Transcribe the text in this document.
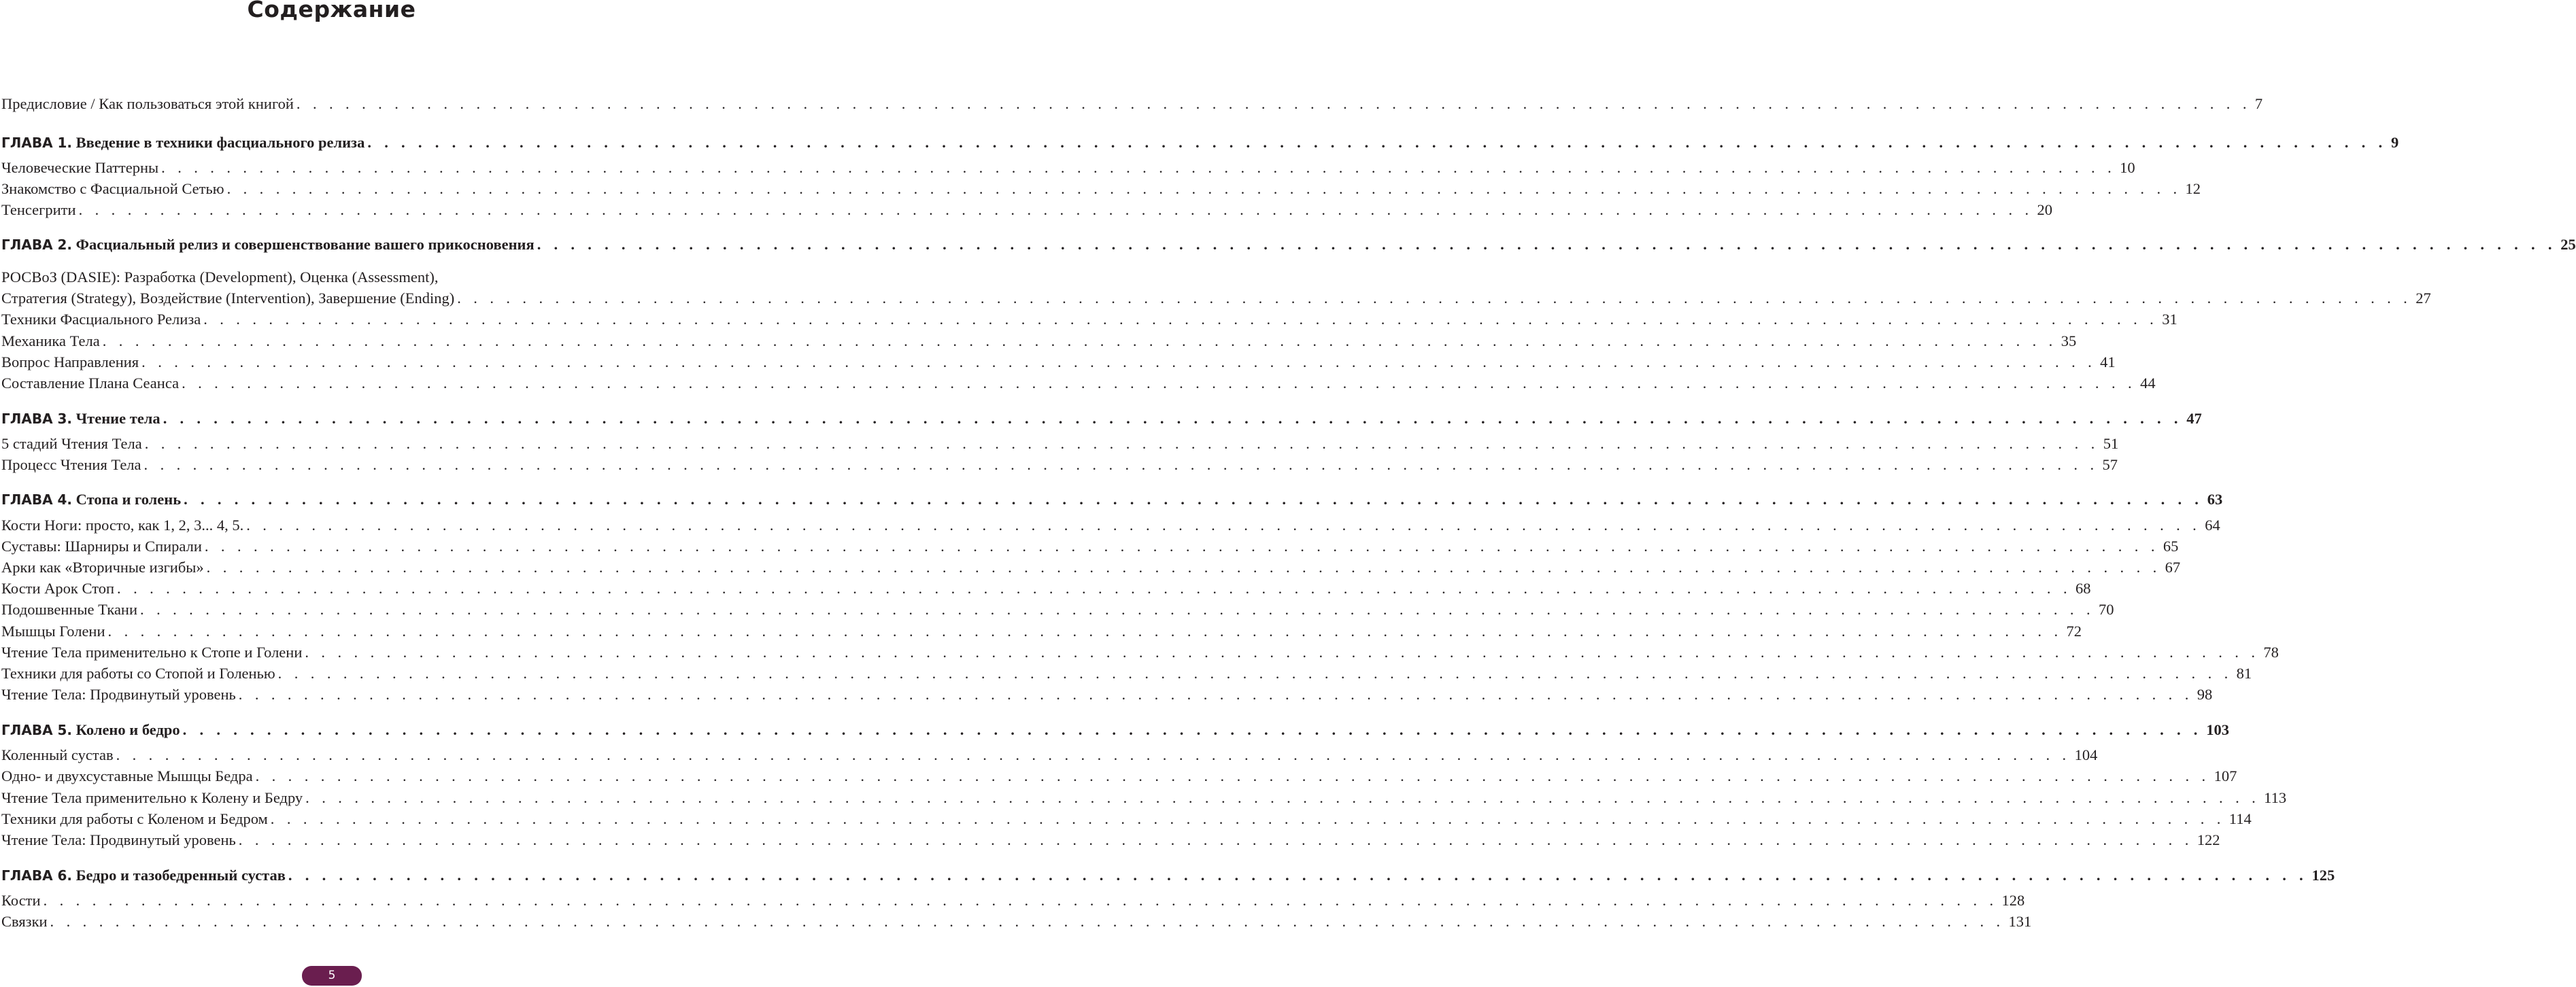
Содержание
Предисловие / Как пользоваться этой книгой . . . . . . . . . . . . . . . . . . . . . . . . . . . . . . . . . . . . . . . . . . . . . . . . . . . . . . . . . . . . . . . . . . . . . . . . . . . . . . . . . . . . . . . . . . . . . . . . . . . . . . . . . . . . . . . . . . . . . . . . 7
ГЛАВА 1. Введение в техники фасциального релиза . . . . . . . . . . . . . . . . . . . . . . . . . . . . . . . . . . . . . . . . . . . . . . . . . . . . . . . . . . . . . . . . . . . . . . . . . . . . . . . . . . . . . . . . . . . . . . . . . . . . . . . . . . . . . . . . . . . . . . . . 9
Человеческие Паттерны . . . . . . . . . . . . . . . . . . . . . . . . . . . . . . . . . . . . . . . . . . . . . . . . . . . . . . . . . . . . . . . . . . . . . . . . . . . . . . . . . . . . . . . . . . . . . . . . . . . . . . . . . . . . . . . . . . . . . . . . 10
Знакомство с Фасциальной Сетью . . . . . . . . . . . . . . . . . . . . . . . . . . . . . . . . . . . . . . . . . . . . . . . . . . . . . . . . . . . . . . . . . . . . . . . . . . . . . . . . . . . . . . . . . . . . . . . . . . . . . . . . . . . . . . . . . . . . . . . . 12
Тенсегрити . . . . . . . . . . . . . . . . . . . . . . . . . . . . . . . . . . . . . . . . . . . . . . . . . . . . . . . . . . . . . . . . . . . . . . . . . . . . . . . . . . . . . . . . . . . . . . . . . . . . . . . . . . . . . . . . . . . . . . . . 20
ГЛАВА 2. Фасциальный релиз и совершенствование вашего прикосновения . . . . . . . . . . . . . . . . . . . . . . . . . . . . . . . . . . . . . . . . . . . . . . . . . . . . . . . . . . . . . . . . . . . . . . . . . . . . . . . . . . . . . . . . . . . . . . . . . . . . . . . . . . . . . . . . . . . . . . . . 25
РОСВоЗ (DASIE): Разработка (Development), Оценка (Assessment),
Стратегия (Strategy), Воздействие (Intervention), Завершение (Ending) . . . . . . . . . . . . . . . . . . . . . . . . . . . . . . . . . . . . . . . . . . . . . . . . . . . . . . . . . . . . . . . . . . . . . . . . . . . . . . . . . . . . . . . . . . . . . . . . . . . . . . . . . . . . . . . . . . . . . . . . 27
Техники Фасциального Релиза . . . . . . . . . . . . . . . . . . . . . . . . . . . . . . . . . . . . . . . . . . . . . . . . . . . . . . . . . . . . . . . . . . . . . . . . . . . . . . . . . . . . . . . . . . . . . . . . . . . . . . . . . . . . . . . . . . . . . . . . 31
Механика Тела . . . . . . . . . . . . . . . . . . . . . . . . . . . . . . . . . . . . . . . . . . . . . . . . . . . . . . . . . . . . . . . . . . . . . . . . . . . . . . . . . . . . . . . . . . . . . . . . . . . . . . . . . . . . . . . . . . . . . . . . 35
Вопрос Направления . . . . . . . . . . . . . . . . . . . . . . . . . . . . . . . . . . . . . . . . . . . . . . . . . . . . . . . . . . . . . . . . . . . . . . . . . . . . . . . . . . . . . . . . . . . . . . . . . . . . . . . . . . . . . . . . . . . . . . . . 41
Составление Плана Сеанса . . . . . . . . . . . . . . . . . . . . . . . . . . . . . . . . . . . . . . . . . . . . . . . . . . . . . . . . . . . . . . . . . . . . . . . . . . . . . . . . . . . . . . . . . . . . . . . . . . . . . . . . . . . . . . . . . . . . . . . . 44
ГЛАВА 3. Чтение тела . . . . . . . . . . . . . . . . . . . . . . . . . . . . . . . . . . . . . . . . . . . . . . . . . . . . . . . . . . . . . . . . . . . . . . . . . . . . . . . . . . . . . . . . . . . . . . . . . . . . . . . . . . . . . . . . . . . . . . . . 47
5 стадий Чтения Тела . . . . . . . . . . . . . . . . . . . . . . . . . . . . . . . . . . . . . . . . . . . . . . . . . . . . . . . . . . . . . . . . . . . . . . . . . . . . . . . . . . . . . . . . . . . . . . . . . . . . . . . . . . . . . . . . . . . . . . . . 51
Процесс Чтения Тела . . . . . . . . . . . . . . . . . . . . . . . . . . . . . . . . . . . . . . . . . . . . . . . . . . . . . . . . . . . . . . . . . . . . . . . . . . . . . . . . . . . . . . . . . . . . . . . . . . . . . . . . . . . . . . . . . . . . . . . . 57
ГЛАВА 4. Стопа и голень . . . . . . . . . . . . . . . . . . . . . . . . . . . . . . . . . . . . . . . . . . . . . . . . . . . . . . . . . . . . . . . . . . . . . . . . . . . . . . . . . . . . . . . . . . . . . . . . . . . . . . . . . . . . . . . . . . . . . . . . 63
Кости Ноги: просто, как 1, 2, 3... 4, 5. . . . . . . . . . . . . . . . . . . . . . . . . . . . . . . . . . . . . . . . . . . . . . . . . . . . . . . . . . . . . . . . . . . . . . . . . . . . . . . . . . . . . . . . . . . . . . . . . . . . . . . . . . . . . . . . . . . . . . . . . 64
Суставы: Шарниры и Спирали . . . . . . . . . . . . . . . . . . . . . . . . . . . . . . . . . . . . . . . . . . . . . . . . . . . . . . . . . . . . . . . . . . . . . . . . . . . . . . . . . . . . . . . . . . . . . . . . . . . . . . . . . . . . . . . . . . . . . . . . 65
Арки как «Вторичные изгибы» . . . . . . . . . . . . . . . . . . . . . . . . . . . . . . . . . . . . . . . . . . . . . . . . . . . . . . . . . . . . . . . . . . . . . . . . . . . . . . . . . . . . . . . . . . . . . . . . . . . . . . . . . . . . . . . . . . . . . . . . 67
Кости Арок Стоп . . . . . . . . . . . . . . . . . . . . . . . . . . . . . . . . . . . . . . . . . . . . . . . . . . . . . . . . . . . . . . . . . . . . . . . . . . . . . . . . . . . . . . . . . . . . . . . . . . . . . . . . . . . . . . . . . . . . . . . . 68
Подошвенные Ткани . . . . . . . . . . . . . . . . . . . . . . . . . . . . . . . . . . . . . . . . . . . . . . . . . . . . . . . . . . . . . . . . . . . . . . . . . . . . . . . . . . . . . . . . . . . . . . . . . . . . . . . . . . . . . . . . . . . . . . . . 70
Мышцы Голени . . . . . . . . . . . . . . . . . . . . . . . . . . . . . . . . . . . . . . . . . . . . . . . . . . . . . . . . . . . . . . . . . . . . . . . . . . . . . . . . . . . . . . . . . . . . . . . . . . . . . . . . . . . . . . . . . . . . . . . . 72
Чтение Тела применительно к Стопе и Голени . . . . . . . . . . . . . . . . . . . . . . . . . . . . . . . . . . . . . . . . . . . . . . . . . . . . . . . . . . . . . . . . . . . . . . . . . . . . . . . . . . . . . . . . . . . . . . . . . . . . . . . . . . . . . . . . . . . . . . . . 78
Техники для работы со Стопой и Голенью . . . . . . . . . . . . . . . . . . . . . . . . . . . . . . . . . . . . . . . . . . . . . . . . . . . . . . . . . . . . . . . . . . . . . . . . . . . . . . . . . . . . . . . . . . . . . . . . . . . . . . . . . . . . . . . . . . . . . . . . 81
Чтение Тела: Продвинутый уровень . . . . . . . . . . . . . . . . . . . . . . . . . . . . . . . . . . . . . . . . . . . . . . . . . . . . . . . . . . . . . . . . . . . . . . . . . . . . . . . . . . . . . . . . . . . . . . . . . . . . . . . . . . . . . . . . . . . . . . . . 98
ГЛАВА 5. Колено и бедро . . . . . . . . . . . . . . . . . . . . . . . . . . . . . . . . . . . . . . . . . . . . . . . . . . . . . . . . . . . . . . . . . . . . . . . . . . . . . . . . . . . . . . . . . . . . . . . . . . . . . . . . . . . . . . . . . . . . . . . . 103
Коленный сустав . . . . . . . . . . . . . . . . . . . . . . . . . . . . . . . . . . . . . . . . . . . . . . . . . . . . . . . . . . . . . . . . . . . . . . . . . . . . . . . . . . . . . . . . . . . . . . . . . . . . . . . . . . . . . . . . . . . . . . . . 104
Одно- и двухсуставные Мышцы Бедра . . . . . . . . . . . . . . . . . . . . . . . . . . . . . . . . . . . . . . . . . . . . . . . . . . . . . . . . . . . . . . . . . . . . . . . . . . . . . . . . . . . . . . . . . . . . . . . . . . . . . . . . . . . . . . . . . . . . . . . . 107
Чтение Тела применительно к Колену и Бедру . . . . . . . . . . . . . . . . . . . . . . . . . . . . . . . . . . . . . . . . . . . . . . . . . . . . . . . . . . . . . . . . . . . . . . . . . . . . . . . . . . . . . . . . . . . . . . . . . . . . . . . . . . . . . . . . . . . . . . . . 113
Техники для работы с Коленом и Бедром . . . . . . . . . . . . . . . . . . . . . . . . . . . . . . . . . . . . . . . . . . . . . . . . . . . . . . . . . . . . . . . . . . . . . . . . . . . . . . . . . . . . . . . . . . . . . . . . . . . . . . . . . . . . . . . . . . . . . . . . 114
Чтение Тела: Продвинутый уровень . . . . . . . . . . . . . . . . . . . . . . . . . . . . . . . . . . . . . . . . . . . . . . . . . . . . . . . . . . . . . . . . . . . . . . . . . . . . . . . . . . . . . . . . . . . . . . . . . . . . . . . . . . . . . . . . . . . . . . . . 122
ГЛАВА 6. Бедро и тазобедренный сустав . . . . . . . . . . . . . . . . . . . . . . . . . . . . . . . . . . . . . . . . . . . . . . . . . . . . . . . . . . . . . . . . . . . . . . . . . . . . . . . . . . . . . . . . . . . . . . . . . . . . . . . . . . . . . . . . . . . . . . . . 125
Кости . . . . . . . . . . . . . . . . . . . . . . . . . . . . . . . . . . . . . . . . . . . . . . . . . . . . . . . . . . . . . . . . . . . . . . . . . . . . . . . . . . . . . . . . . . . . . . . . . . . . . . . . . . . . . . . . . . . . . . . . 128
Связки . . . . . . . . . . . . . . . . . . . . . . . . . . . . . . . . . . . . . . . . . . . . . . . . . . . . . . . . . . . . . . . . . . . . . . . . . . . . . . . . . . . . . . . . . . . . . . . . . . . . . . . . . . . . . . . . . . . . . . . . 131
5
